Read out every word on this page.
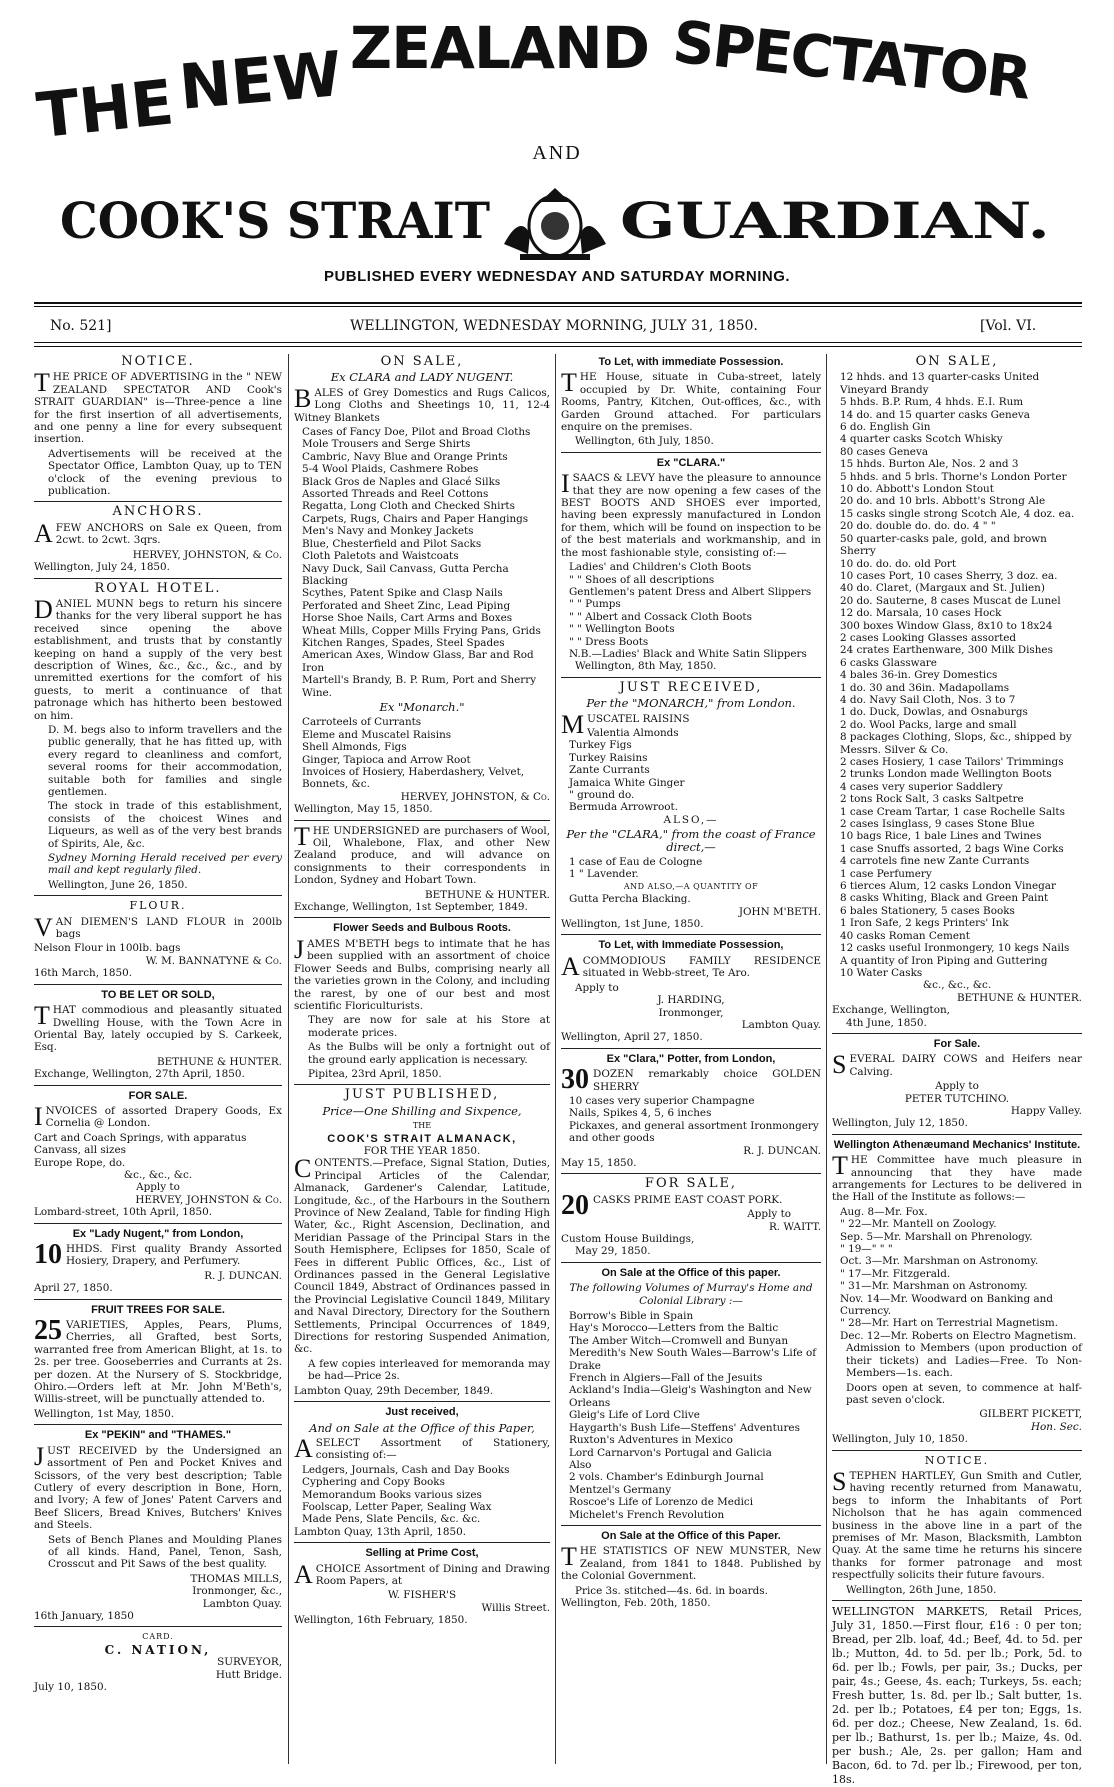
THE NEW ZEALAND SPECTATOR
AND
COOK'S STRAIT	GUARDIAN.
PUBLISHED EVERY WEDNESDAY AND SATURDAY MORNING.
No. 521]	WELLINGTON, WEDNESDAY MORNING, JULY 31, 1850.	[Vol. VI.
NOTICE.
THE PRICE OF ADVERTISING in the " NEW ZEALAND SPECTATOR AND Cook's STRAIT GUARDIAN" is—Three-pence a line for the first insertion of all advertisements, and one penny a line for every subsequent insertion.
Advertisements will be received at the Spectator Office, Lambton Quay, up to TEN o'clock of the evening previous to publication.
ANCHORS.
AFEW ANCHORS on Sale ex Queen, from 2cwt. to 2cwt. 3qrs.
HERVEY, JOHNSTON, & Co.
Wellington, July 24, 1850.
ROYAL HOTEL.
DANIEL MUNN begs to return his sincere thanks for the very liberal support he has received since opening the above establishment, and trusts that by constantly keeping on hand a supply of the very best description of Wines, &c., &c., &c., and by unremitted exertions for the comfort of his guests, to merit a continuance of that patronage which has hitherto been bestowed on him.
D. M. begs also to inform travellers and the public generally, that he has fitted up, with every regard to cleanliness and comfort, several rooms for their accommodation, suitable both for families and single gentlemen.
The stock in trade of this establishment, consists of the choicest Wines and Liqueurs, as well as of the very best brands of Spirits, Ale, &c.
Sydney Morning Herald received per every mail and kept regularly filed.
Wellington, June 26, 1850.
FLOUR.
VAN DIEMEN'S LAND FLOUR in 200lb bags
Nelson Flour in 100lb. bags
W. M. BANNATYNE & Co.
16th March, 1850.
TO BE LET OR SOLD,
THAT commodious and pleasantly situated Dwelling House, with the Town Acre in Oriental Bay, lately occupied by S. Carkeek, Esq.
BETHUNE & HUNTER.
Exchange, Wellington, 27th April, 1850.
FOR SALE.
INVOICES of assorted Drapery Goods, Ex Cornelia @ London.
Cart and Coach Springs, with apparatus
Canvass, all sizes
Europe Rope, do.
&c., &c., &c.
Apply to
HERVEY, JOHNSTON & Co.
Lombard-street, 10th April, 1850.
Ex "Lady Nugent," from London,
10 HHDS. First quality Brandy Assorted Hosiery, Drapery, and Perfumery.
R. J. DUNCAN.
April 27, 1850.
FRUIT TREES FOR SALE.
25 VARIETIES, Apples, Pears, Plums, Cherries, all Grafted, best Sorts, warranted free from American Blight, at 1s. to 2s. per tree. Gooseberries and Currants at 2s. per dozen. At the Nursery of S. Stockbridge, Ohiro.—Orders left at Mr. John M'Beth's, Willis-street, will be punctually attended to.
Wellington, 1st May, 1850.
Ex "PEKIN" and "THAMES."
JUST RECEIVED by the Undersigned an assortment of Pen and Pocket Knives and Scissors, of the very best description; Table Cutlery of every description in Bone, Horn, and Ivory; A few of Jones' Patent Carvers and Beef Slicers, Bread Knives, Butchers' Knives and Steels.
Sets of Bench Planes and Moulding Planes of all kinds. Hand, Panel, Tenon, Sash, Crosscut and Pit Saws of the best quality.
THOMAS MILLS,
Ironmonger, &c.,
Lambton Quay.
16th January, 1850
CARD.
C. NATION,
SURVEYOR,
Hutt Bridge.
July 10, 1850.
ON SALE,
Ex CLARA and LADY NUGENT.
BALES of Grey Domestics and Rugs Calicos, Long Cloths and Sheetings 10, 11, 12-4 Witney Blankets
Cases of Fancy Doe, Pilot and Broad Cloths
Mole Trousers and Serge Shirts
Cambric, Navy Blue and Orange Prints
5-4 Wool Plaids, Cashmere Robes
Black Gros de Naples and Glacé Silks
Assorted Threads and Reel Cottons
Regatta, Long Cloth and Checked Shirts
Carpets, Rugs, Chairs and Paper Hangings
Men's Navy and Monkey Jackets
Blue, Chesterfield and Pilot Sacks
Cloth Paletots and Waistcoats
Navy Duck, Sail Canvass, Gutta Percha Blacking
Scythes, Patent Spike and Clasp Nails
Perforated and Sheet Zinc, Lead Piping
Horse Shoe Nails, Cart Arms and Boxes
Wheat Mills, Copper Mills Frying Pans, Grids
Kitchen Ranges, Spades, Steel Spades
American Axes, Window Glass, Bar and Rod Iron
Martell's Brandy, B. P. Rum, Port and Sherry Wine.
Ex "Monarch."
Carroteels of Currants
Eleme and Muscatel Raisins
Shell Almonds, Figs
Ginger, Tapioca and Arrow Root
Invoices of Hosiery, Haberdashery, Velvet, Bonnets, &c.
HERVEY, JOHNSTON, & Co.
Wellington, May 15, 1850.
THE UNDERSIGNED are purchasers of Wool, Oil, Whalebone, Flax, and other New Zealand produce, and will advance on consignments to their correspondents in London, Sydney and Hobart Town.
BETHUNE & HUNTER.
Exchange, Wellington, 1st September, 1849.
Flower Seeds and Bulbous Roots.
JAMES M'BETH begs to intimate that he has been supplied with an assortment of choice Flower Seeds and Bulbs, comprising nearly all the varieties grown in the Colony, and including the rarest, by one of our best and most scientific Floriculturists.
They are now for sale at his Store at moderate prices.
As the Bulbs will be only a fortnight out of the ground early application is necessary.
Pipitea, 23rd April, 1850.
JUST PUBLISHED,
Price—One Shilling and Sixpence,
THE
COOK'S STRAIT ALMANACK,
FOR THE YEAR 1850.
CONTENTS.—Preface, Signal Station, Duties, Principal Articles of the Calendar, Almanack, Gardener's Calendar, Latitude, Longitude, &c., of the Harbours in the Southern Province of New Zealand, Table for finding High Water, &c., Right Ascension, Declination, and Meridian Passage of the Principal Stars in the South Hemisphere, Eclipses for 1850, Scale of Fees in different Public Offices, &c., List of Ordinances passed in the General Legislative Council 1849, Abstract of Ordinances passed in the Provincial Legislative Council 1849, Military and Naval Directory, Directory for the Southern Settlements, Principal Occurrences of 1849, Directions for restoring Suspended Animation, &c.
A few copies interleaved for memoranda may be had—Price 2s.
Lambton Quay, 29th December, 1849.
Just received,
And on Sale at the Office of this Paper,
ASELECT Assortment of Stationery, consisting of:—
Ledgers, Journals, Cash and Day Books
Cyphering and Copy Books
Memorandum Books various sizes
Foolscap, Letter Paper, Sealing Wax
Made Pens, Slate Pencils, &c. &c.
Lambton Quay, 13th April, 1850.
Selling at Prime Cost,
ACHOICE Assortment of Dining and Drawing Room Papers, at
W. FISHER'S
Willis Street.
Wellington, 16th February, 1850.
To Let, with immediate Possession.
THE House, situate in Cuba-street, lately occupied by Dr. White, containing Four Rooms, Pantry, Kitchen, Out-offices, &c., with Garden Ground attached. For particulars enquire on the premises.
Wellington, 6th July, 1850.
Ex "CLARA."
ISAACS & LEVY have the pleasure to announce that they are now opening a few cases of the BEST BOOTS AND SHOES ever imported, having been expressly manufactured in London for them, which will be found on inspection to be of the best materials and workmanship, and in the most fashionable style, consisting of:—
Ladies' and Children's Cloth Boots
" " Shoes of all descriptions
Gentlemen's patent Dress and Albert Slippers
" " Pumps
" " Albert and Cossack Cloth Boots
" " Wellington Boots
" " Dress Boots
N.B.—Ladies' Black and White Satin Slippers
Wellington, 8th May, 1850.
JUST RECEIVED,
Per the "MONARCH," from London.
MUSCATEL RAISINS
Valentia Almonds
Turkey Figs
Turkey Raisins
Zante Currants
Jamaica White Ginger
" ground do.
Bermuda Arrowroot.
ALSO,—
Per the "CLARA," from the coast of France direct,—
1 case of Eau de Cologne
1 " Lavender.
AND ALSO,—A QUANTITY OF
Gutta Percha Blacking.
JOHN M'BETH.
Wellington, 1st June, 1850.
To Let, with Immediate Possession,
ACOMMODIOUS FAMILY RESIDENCE situated in Webb-street, Te Aro.
Apply to
J. HARDING,
Ironmonger,
Lambton Quay.
Wellington, April 27, 1850.
Ex "Clara," Potter, from London,
30 DOZEN remarkably choice GOLDEN SHERRY
10 cases very superior Champagne
Nails, Spikes 4, 5, 6 inches
Pickaxes, and general assortment Ironmongery and other goods
R. J. DUNCAN.
May 15, 1850.
FOR SALE,
20 CASKS PRIME EAST COAST PORK.
Apply to
R. WAITT.
Custom House Buildings,
May 29, 1850.
On Sale at the Office of this paper.
The following Volumes of Murray's Home and Colonial Library :—
Borrow's Bible in Spain
Hay's Morocco—Letters from the Baltic
The Amber Witch—Cromwell and Bunyan
Meredith's New South Wales—Barrow's Life of Drake
French in Algiers—Fall of the Jesuits
Ackland's India—Gleig's Washington and New Orleans
Gleig's Life of Lord Clive
Haygarth's Bush Life—Steffens' Adventures
Ruxton's Adventures in Mexico
Lord Carnarvon's Portugal and Galicia
Also
2 vols. Chamber's Edinburgh Journal
Mentzel's Germany
Roscoe's Life of Lorenzo de Medici
Michelet's French Revolution
On Sale at the Office of this Paper.
THE STATISTICS OF NEW MUNSTER, New Zealand, from 1841 to 1848. Published by the Colonial Government.
Price 3s. stitched—4s. 6d. in boards.
Wellington, Feb. 20th, 1850.
ON SALE,
12 hhds. and 13 quarter-casks United Vineyard Brandy
5 hhds. B.P. Rum, 4 hhds. E.I. Rum
14 do. and 15 quarter casks Geneva
6 do. English Gin
4 quarter casks Scotch Whisky
80 cases Geneva
15 hhds. Burton Ale, Nos. 2 and 3
5 hhds. and 5 brls. Thorne's London Porter
10 do. Abbott's London Stout
20 do. and 10 brls. Abbott's Strong Ale
15 casks single strong Scotch Ale, 4 doz. ea.
20 do. double do. do. do. 4 " "
50 quarter-casks pale, gold, and brown Sherry
10 do. do. do. old Port
10 cases Port, 10 cases Sherry, 3 doz. ea.
40 do. Claret, (Margaux and St. Julien)
20 do. Sauterne, 8 cases Muscat de Lunel
12 do. Marsala, 10 cases Hock
300 boxes Window Glass, 8x10 to 18x24
2 cases Looking Glasses assorted
24 crates Earthenware, 300 Milk Dishes
6 casks Glassware
4 bales 36-in. Grey Domestics
1 do. 30 and 36in. Madapollams
4 do. Navy Sail Cloth, Nos. 3 to 7
1 do. Duck, Dowlas, and Osnaburgs
2 do. Wool Packs, large and small
8 packages Clothing, Slops, &c., shipped by Messrs. Silver & Co.
2 cases Hosiery, 1 case Tailors' Trimmings
2 trunks London made Wellington Boots
4 cases very superior Saddlery
2 tons Rock Salt, 3 casks Saltpetre
1 case Cream Tartar, 1 case Rochelle Salts
2 cases Isinglass, 9 cases Stone Blue
10 bags Rice, 1 bale Lines and Twines
1 case Snuffs assorted, 2 bags Wine Corks
4 carrotels fine new Zante Currants
1 case Perfumery
6 tierces Alum, 12 casks London Vinegar
8 casks Whiting, Black and Green Paint
6 bales Stationery, 5 cases Books
1 Iron Safe, 2 kegs Printers' Ink
40 casks Roman Cement
12 casks useful Ironmongery, 10 kegs Nails
A quantity of Iron Piping and Guttering
10 Water Casks
&c., &c., &c.
BETHUNE & HUNTER.
Exchange, Wellington,
4th June, 1850.
For Sale.
SEVERAL DAIRY COWS and Heifers near Calving.
Apply to
PETER TUTCHINO.
Happy Valley.
Wellington, July 12, 1850.
Wellington Athenæumand Mechanics' Institute.
THE Committee have much pleasure in announcing that they have made arrangements for Lectures to be delivered in the Hall of the Institute as follows:—
Aug. 8—Mr. Fox.
" 22—Mr. Mantell on Zoology.
Sep. 5—Mr. Marshall on Phrenology.
" 19—" " "
Oct. 3—Mr. Marshman on Astronomy.
" 17—Mr. Fitzgerald.
" 31—Mr. Marshman on Astronomy.
Nov. 14—Mr. Woodward on Banking and Currency.
" 28—Mr. Hart on Terrestrial Magnetism.
Dec. 12—Mr. Roberts on Electro Magnetism.
Admission to Members (upon production of their tickets) and Ladies—Free. To Non-Members—1s. each.
Doors open at seven, to commence at half-past seven o'clock.
GILBERT PICKETT,
Hon. Sec.
Wellington, July 10, 1850.
NOTICE.
STEPHEN HARTLEY, Gun Smith and Cutler, having recently returned from Manawatu, begs to inform the Inhabitants of Port Nicholson that he has again commenced business in the above line in a part of the premises of Mr. Mason, Blacksmith, Lambton Quay. At the same time he returns his sincere thanks for former patronage and most respectfully solicits their future favours.
Wellington, 26th June, 1850.
WELLINGTON MARKETS, Retail Prices, July 31, 1850.—First flour, £16 : 0 per ton; Bread, per 2lb. loaf, 4d.; Beef, 4d. to 5d. per lb.; Mutton, 4d. to 5d. per lb.; Pork, 5d. to 6d. per lb.; Fowls, per pair, 3s.; Ducks, per pair, 4s.; Geese, 4s. each; Turkeys, 5s. each; Fresh butter, 1s. 8d. per lb.; Salt butter, 1s. 2d. per lb.; Potatoes, £4 per ton; Eggs, 1s. 6d. per doz.; Cheese, New Zealand, 1s. 6d. per lb.; Bathurst, 1s. per lb.; Maize, 4s. 0d. per bush.; Ale, 2s. per gallon; Ham and Bacon, 6d. to 7d. per lb.; Firewood, per ton, 18s.
